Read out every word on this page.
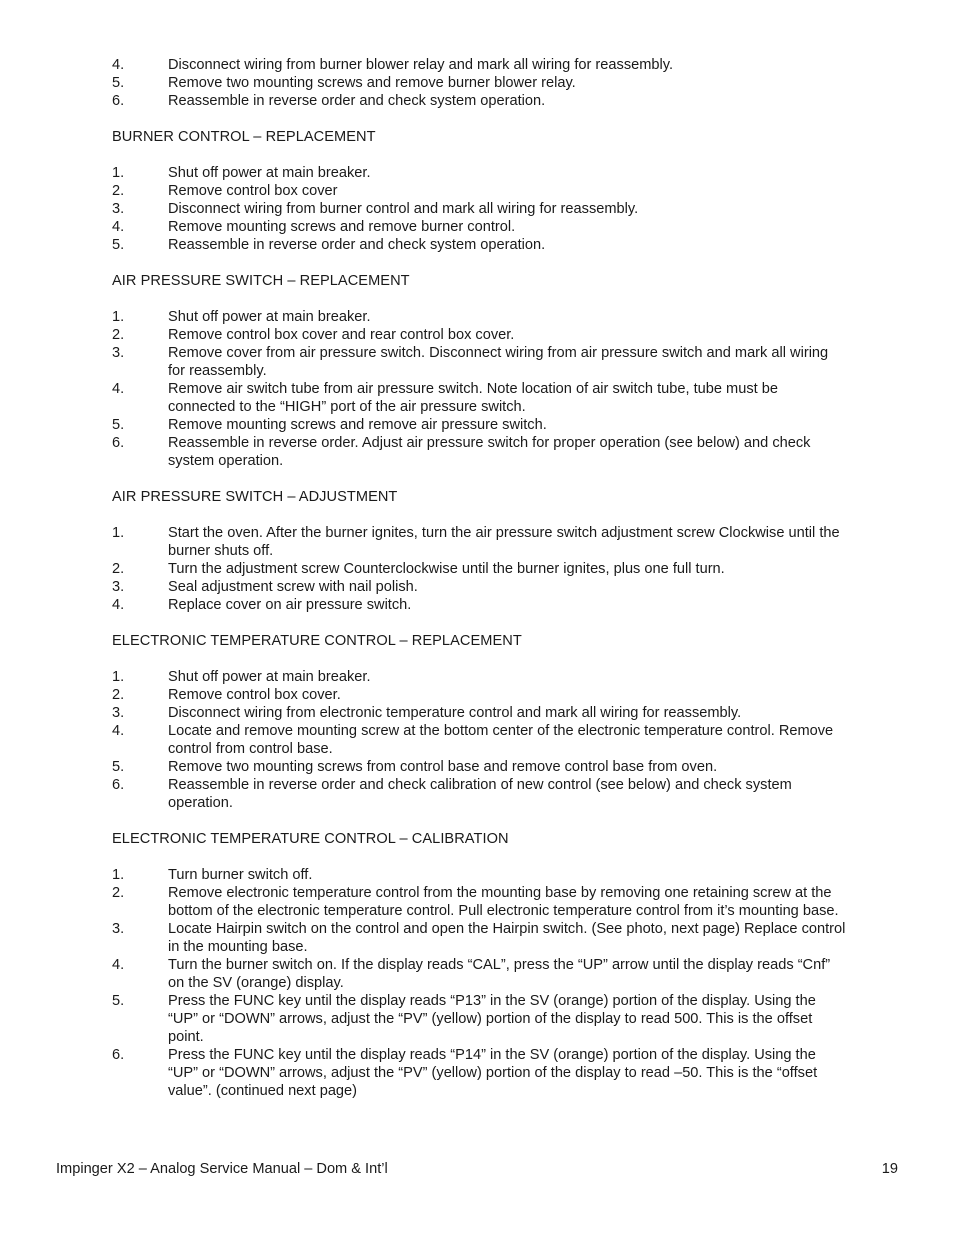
4.	Disconnect wiring from burner blower relay and mark all wiring for reassembly.
5.	Remove two mounting screws and remove burner blower relay.
6.	Reassemble in reverse order and check system operation.
BURNER CONTROL – REPLACEMENT
1.	Shut off power at main breaker.
2.	Remove control box cover
3.	Disconnect wiring from burner control and mark all wiring for reassembly.
4.	Remove mounting screws and remove burner control.
5.	Reassemble in reverse order and check system operation.
AIR PRESSURE SWITCH – REPLACEMENT
1.	Shut off power at main breaker.
2.	Remove control box cover and rear control box cover.
3.	Remove cover from air pressure switch. Disconnect wiring from air pressure switch and mark all wiring for reassembly.
4.	Remove air switch tube from air pressure switch. Note location of air switch tube, tube must be connected to the “HIGH” port of the air pressure switch.
5.	Remove mounting screws and remove air pressure switch.
6.	Reassemble in reverse order. Adjust air pressure switch for proper operation (see below) and check system operation.
AIR PRESSURE SWITCH – ADJUSTMENT
1.	Start the oven. After the burner ignites, turn the air pressure switch adjustment screw Clockwise until the burner shuts off.
2.	Turn the adjustment screw Counterclockwise until the burner ignites, plus one full turn.
3.	Seal adjustment screw with nail polish.
4.	Replace cover on air pressure switch.
ELECTRONIC TEMPERATURE CONTROL – REPLACEMENT
1.	Shut off power at main breaker.
2.	Remove control box cover.
3.	Disconnect wiring from electronic temperature control and mark all wiring for reassembly.
4.	Locate and remove mounting screw at the bottom center of the electronic temperature control. Remove control from control base.
5.	Remove two mounting screws from control base and remove control base from oven.
6.	Reassemble in reverse order and check calibration of new control (see below) and check system operation.
ELECTRONIC TEMPERATURE CONTROL – CALIBRATION
1.	Turn burner switch off.
2.	Remove electronic temperature control from the mounting base by removing one retaining screw at the bottom of the electronic temperature control. Pull electronic temperature control from it’s mounting base.
3.	Locate Hairpin switch on the control and open the Hairpin switch. (See photo, next page) Replace control in the mounting base.
4.	Turn the burner switch on. If the display reads “CAL”, press the “UP” arrow until the display reads “Cnf” on the SV (orange) display.
5.	Press the FUNC key until the display reads “P13” in the SV (orange) portion of the display. Using the “UP” or “DOWN” arrows, adjust the “PV” (yellow) portion of the display to read 500. This is the offset point.
6.	Press the FUNC key until the display reads “P14” in the SV (orange) portion of the display. Using the “UP” or “DOWN” arrows, adjust the “PV” (yellow) portion of the display to read –50. This is the “offset value”. (continued next page)
Impinger X2 – Analog Service Manual – Dom & Int’l	19
